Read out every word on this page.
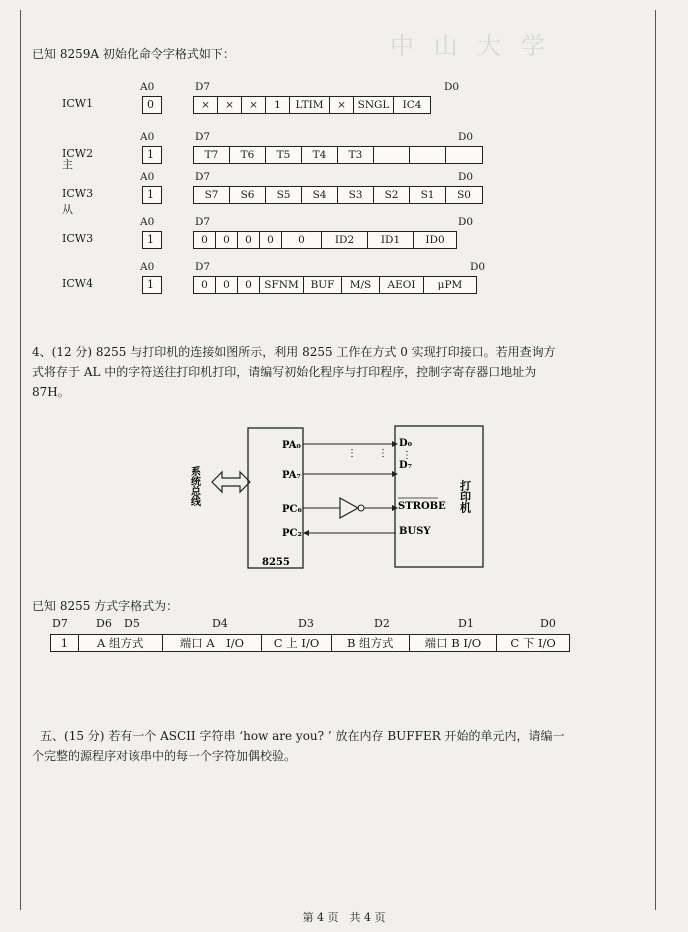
中 山 大 学
已知 8259A 初始化命令字格式如下：
ICW1
A0	D7	D0
0	×	×	×	1	LTIM	×	SNGL	IC4
ICW2
A0	D7	D0
1	T7	T6	T5	T4	T3
主
ICW3
A0	D7	D0
1	S7	S6	S5	S4	S3	S2	S1	S0
从
ICW3
A0	D7	D0
1	0	0	0	0	0	ID2	ID1	ID0
ICW4
A0	D7	D0
1	0	0	0	SFNM	BUF	M/S	AEOI	μPM
4、(12 分) 8255 与打印机的连接如图所示，利用 8255 工作在方式 0 实现打印接口。若用查询方
式将存于 AL 中的字符送往打印机打印，请编写初始化程序与打印程序，控制字寄存器口地址为
87H。
8255
PA₀
PA₇
PC₆
PC₂
D₀
D₇
STROBE
BUSY
打印机
⋮ ⋮ ⋮
系统总线
已知 8255 方式字格式为：
D7	D6 D5	D4	D3	D2	D1	D0
1	A 组方式	端口 A　I/O	C 上 I/O	B 组方式	端口 B I/O	C 下 I/O
五、(15 分) 若有一个 ASCII 字符串 ‘how are you? ’ 放在内存 BUFFER 开始的单元内，请编一
个完整的源程序对该串中的每一个字符加偶校验。
第 4 页　共 4 页
